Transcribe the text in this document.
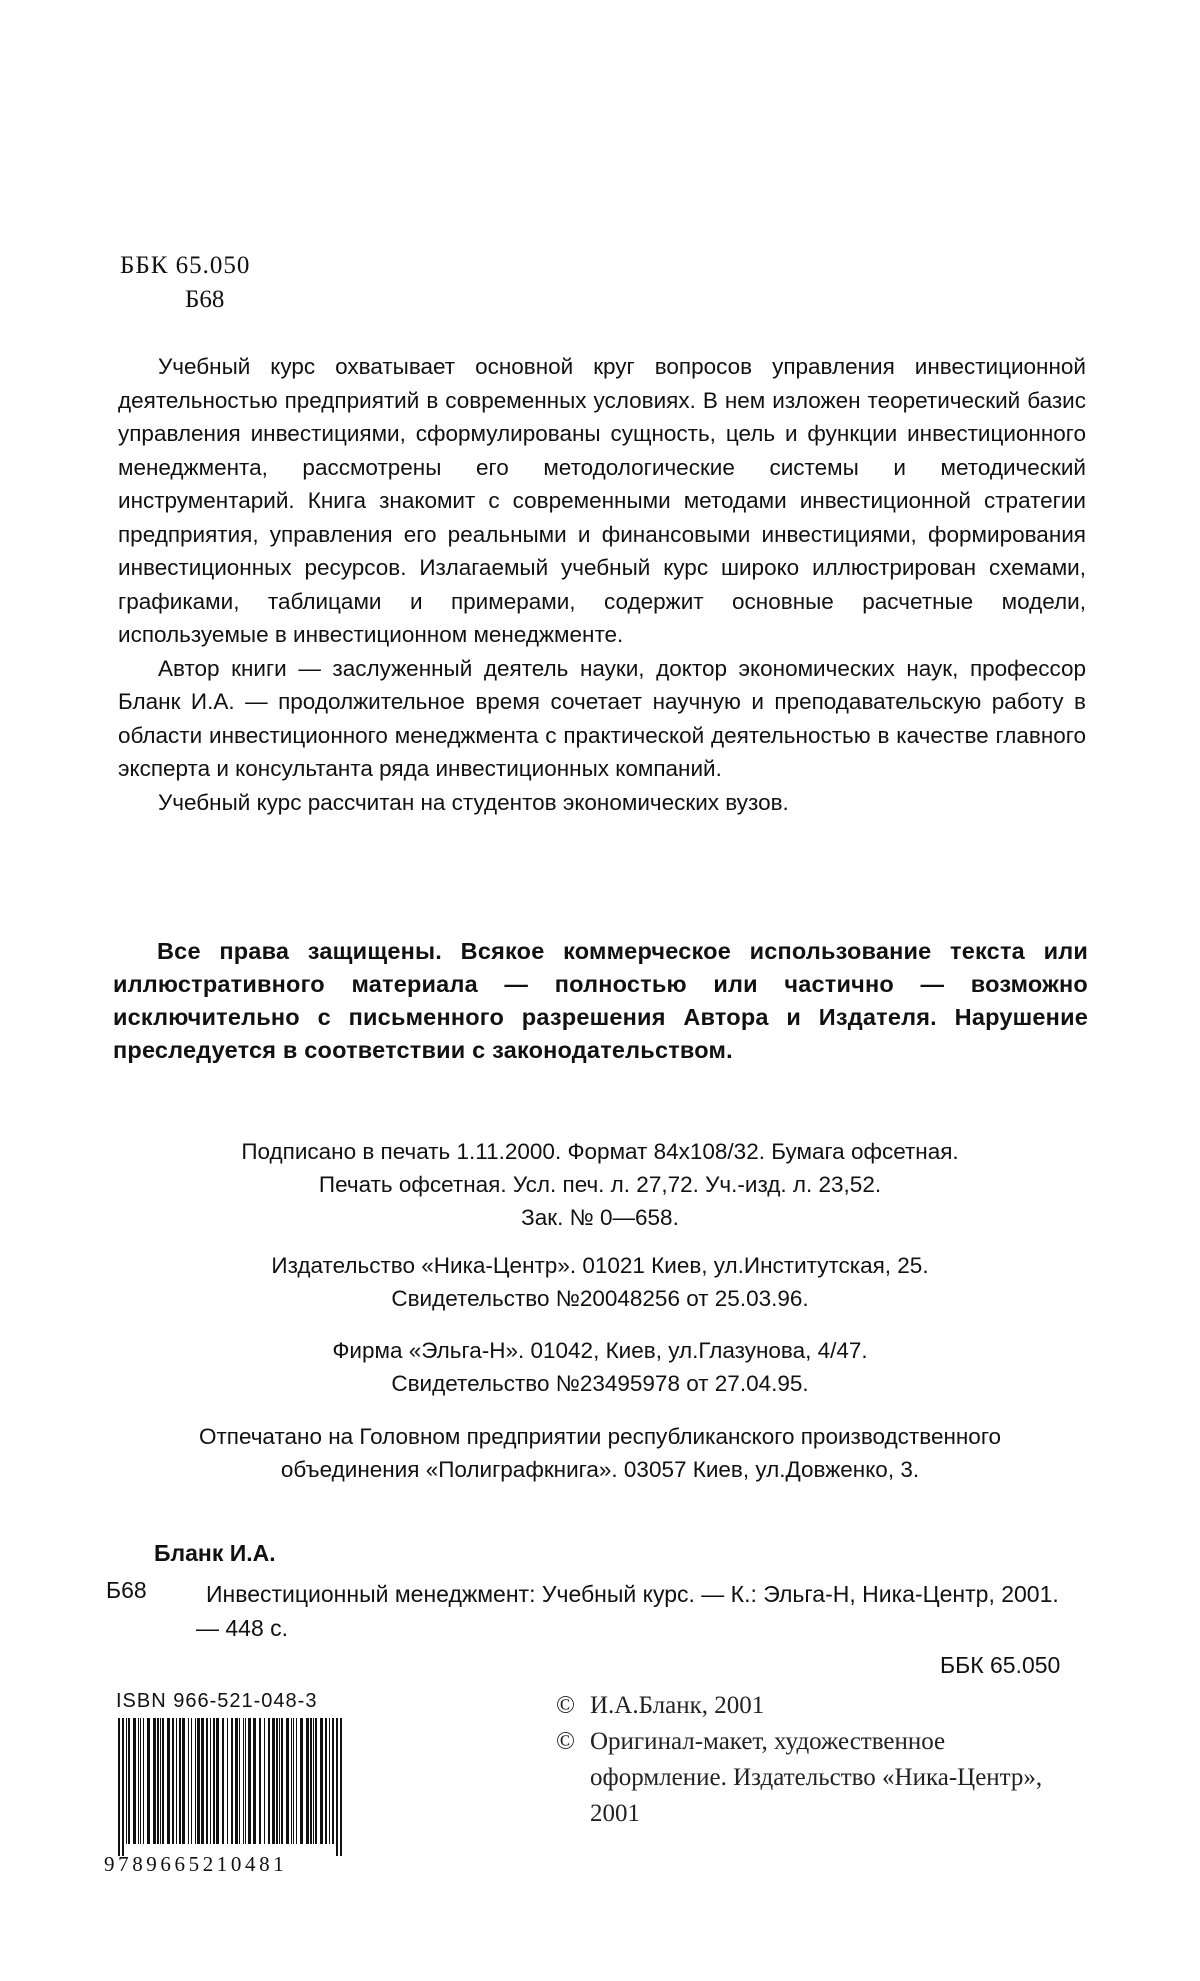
ББК 65.050
Б68

Учебный курс охватывает основной круг вопросов управления инвестиционной деятельностью предприятий в современных условиях. В нем изложен теоретический базис управления инвестициями, сформулированы сущность, цель и функции инвестиционного менеджмента, рассмотрены его методологические системы и методический инструментарий. Книга знакомит с современными методами инвестиционной стратегии предприятия, управления его реальными и финансовыми инвестициями, формирования инвестиционных ресурсов. Излагаемый учебный курс широко иллюстрирован схемами, графиками, таблицами и примерами, содержит основные расчетные модели, используемые в инвестиционном менеджменте.

Автор книги — заслуженный деятель науки, доктор экономических наук, профессор Бланк И.А. — продолжительное время сочетает научную и преподавательскую работу в области инвестиционного менеджмента с практической деятельностью в качестве главного эксперта и консультанта ряда инвестиционных компаний.

Учебный курс рассчитан на студентов экономических вузов.

Все права защищены. Всякое коммерческое использование текста или иллюстративного материала — полностью или частично — возможно исключительно с письменного разрешения Автора и Издателя. Нарушение преследуется в соответствии с законодательством.

Подписано в печать 1.11.2000. Формат 84x108/32. Бумага офсетная.
Печать офсетная. Усл. печ. л. 27,72. Уч.-изд. л. 23,52.
Зак. № 0—658.
Издательство «Ника-Центр». 01021 Киев, ул.Институтская, 25.
Свидетельство №20048256 от 25.03.96.
Фирма «Эльга-Н». 01042, Киев, ул.Глазунова, 4/47.
Свидетельство №23495978 от 27.04.95.
Отпечатано на Головном предприятии республиканского производственного
объединения «Полиграфкнига». 03057 Киев, ул.Довженко, 3.
Бланк И.А.
Б68	Инвестиционный менеджмент: Учебный курс. — К.: Эльга-Н, Ника-Центр, 2001. — 448 с.
ББК 65.050
ISBN 966-521-048-3
9789665210481
© И.А.Бланк, 2001
© Оригинал-макет, художественное оформление. Издательство «Ника-Центр», 2001
